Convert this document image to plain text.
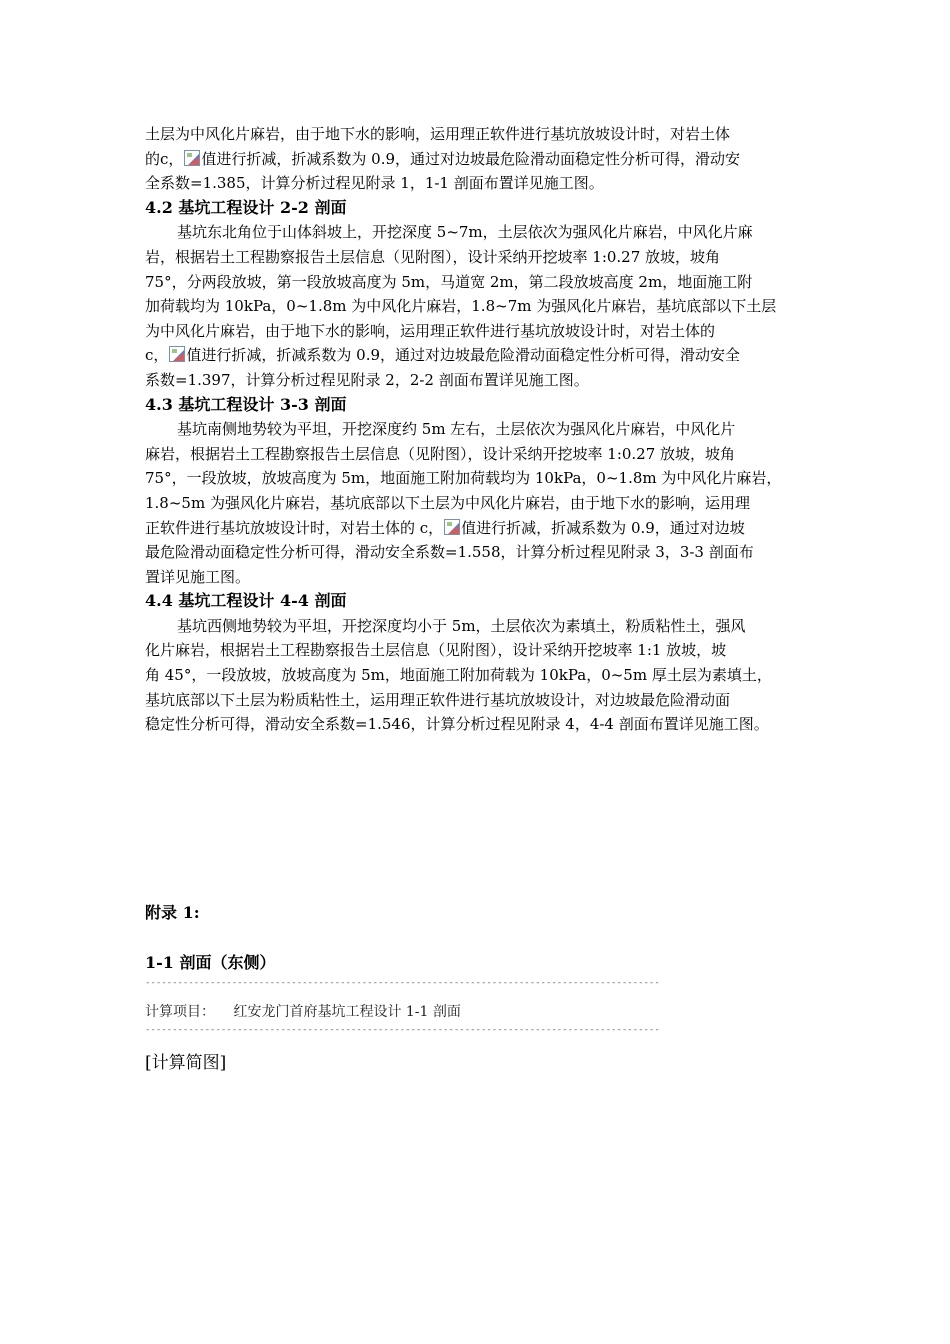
土层为中风化片麻岩，由于地下水的影响，运用理正软件进行基坑放坡设计时，对岩土体
的c， 值进行折减，折减系数为 0.9，通过对边坡最危险滑动面稳定性分析可得，滑动安
全系数=1.385，计算分析过程见附录 1，1-1 剖面布置详见施工图。
4.2 基坑工程设计 2-2 剖面
基坑东北角位于山体斜坡上，开挖深度 5~7m，土层依次为强风化片麻岩，中风化片麻
岩，根据岩土工程勘察报告土层信息（见附图），设计采纳开挖坡率 1:0.27 放坡，坡角
75°，分两段放坡，第一段放坡高度为 5m，马道宽 2m，第二段放坡高度 2m，地面施工附
加荷载均为 10kPa，0~1.8m 为中风化片麻岩，1.8~7m 为强风化片麻岩，基坑底部以下土层
为中风化片麻岩，由于地下水的影响，运用理正软件进行基坑放坡设计时，对岩土体的
c， 值进行折减，折减系数为 0.9，通过对边坡最危险滑动面稳定性分析可得，滑动安全
系数=1.397，计算分析过程见附录 2，2-2 剖面布置详见施工图。
4.3 基坑工程设计 3-3 剖面
基坑南侧地势较为平坦，开挖深度约 5m 左右，土层依次为强风化片麻岩，中风化片
麻岩，根据岩土工程勘察报告土层信息（见附图），设计采纳开挖坡率 1:0.27 放坡，坡角
75°，一段放坡，放坡高度为 5m，地面施工附加荷载均为 10kPa，0~1.8m 为中风化片麻岩，
1.8~5m 为强风化片麻岩，基坑底部以下土层为中风化片麻岩，由于地下水的影响，运用理
正软件进行基坑放坡设计时，对岩土体的 c， 值进行折减，折减系数为 0.9，通过对边坡
最危险滑动面稳定性分析可得，滑动安全系数=1.558，计算分析过程见附录 3，3-3 剖面布
置详见施工图。
4.4 基坑工程设计 4-4 剖面
基坑西侧地势较为平坦，开挖深度均小于 5m，土层依次为素填土，粉质粘性土，强风
化片麻岩，根据岩土工程勘察报告土层信息（见附图），设计采纳开挖坡率 1:1 放坡，坡
角 45°，一段放坡，放坡高度为 5m，地面施工附加荷载为 10kPa，0~5m 厚土层为素填土，
基坑底部以下土层为粉质粘性土，运用理正软件进行基坑放坡设计，对边坡最危险滑动面
稳定性分析可得，滑动安全系数=1.546，计算分析过程见附录 4，4-4 剖面布置详见施工图。
附录 1:
1-1 剖面（东侧）
-----------------------------------------------------------------------------------------------
计算项目： 红安龙门首府基坑工程设计 1-1 剖面
-----------------------------------------------------------------------------------------------
[计算简图]
